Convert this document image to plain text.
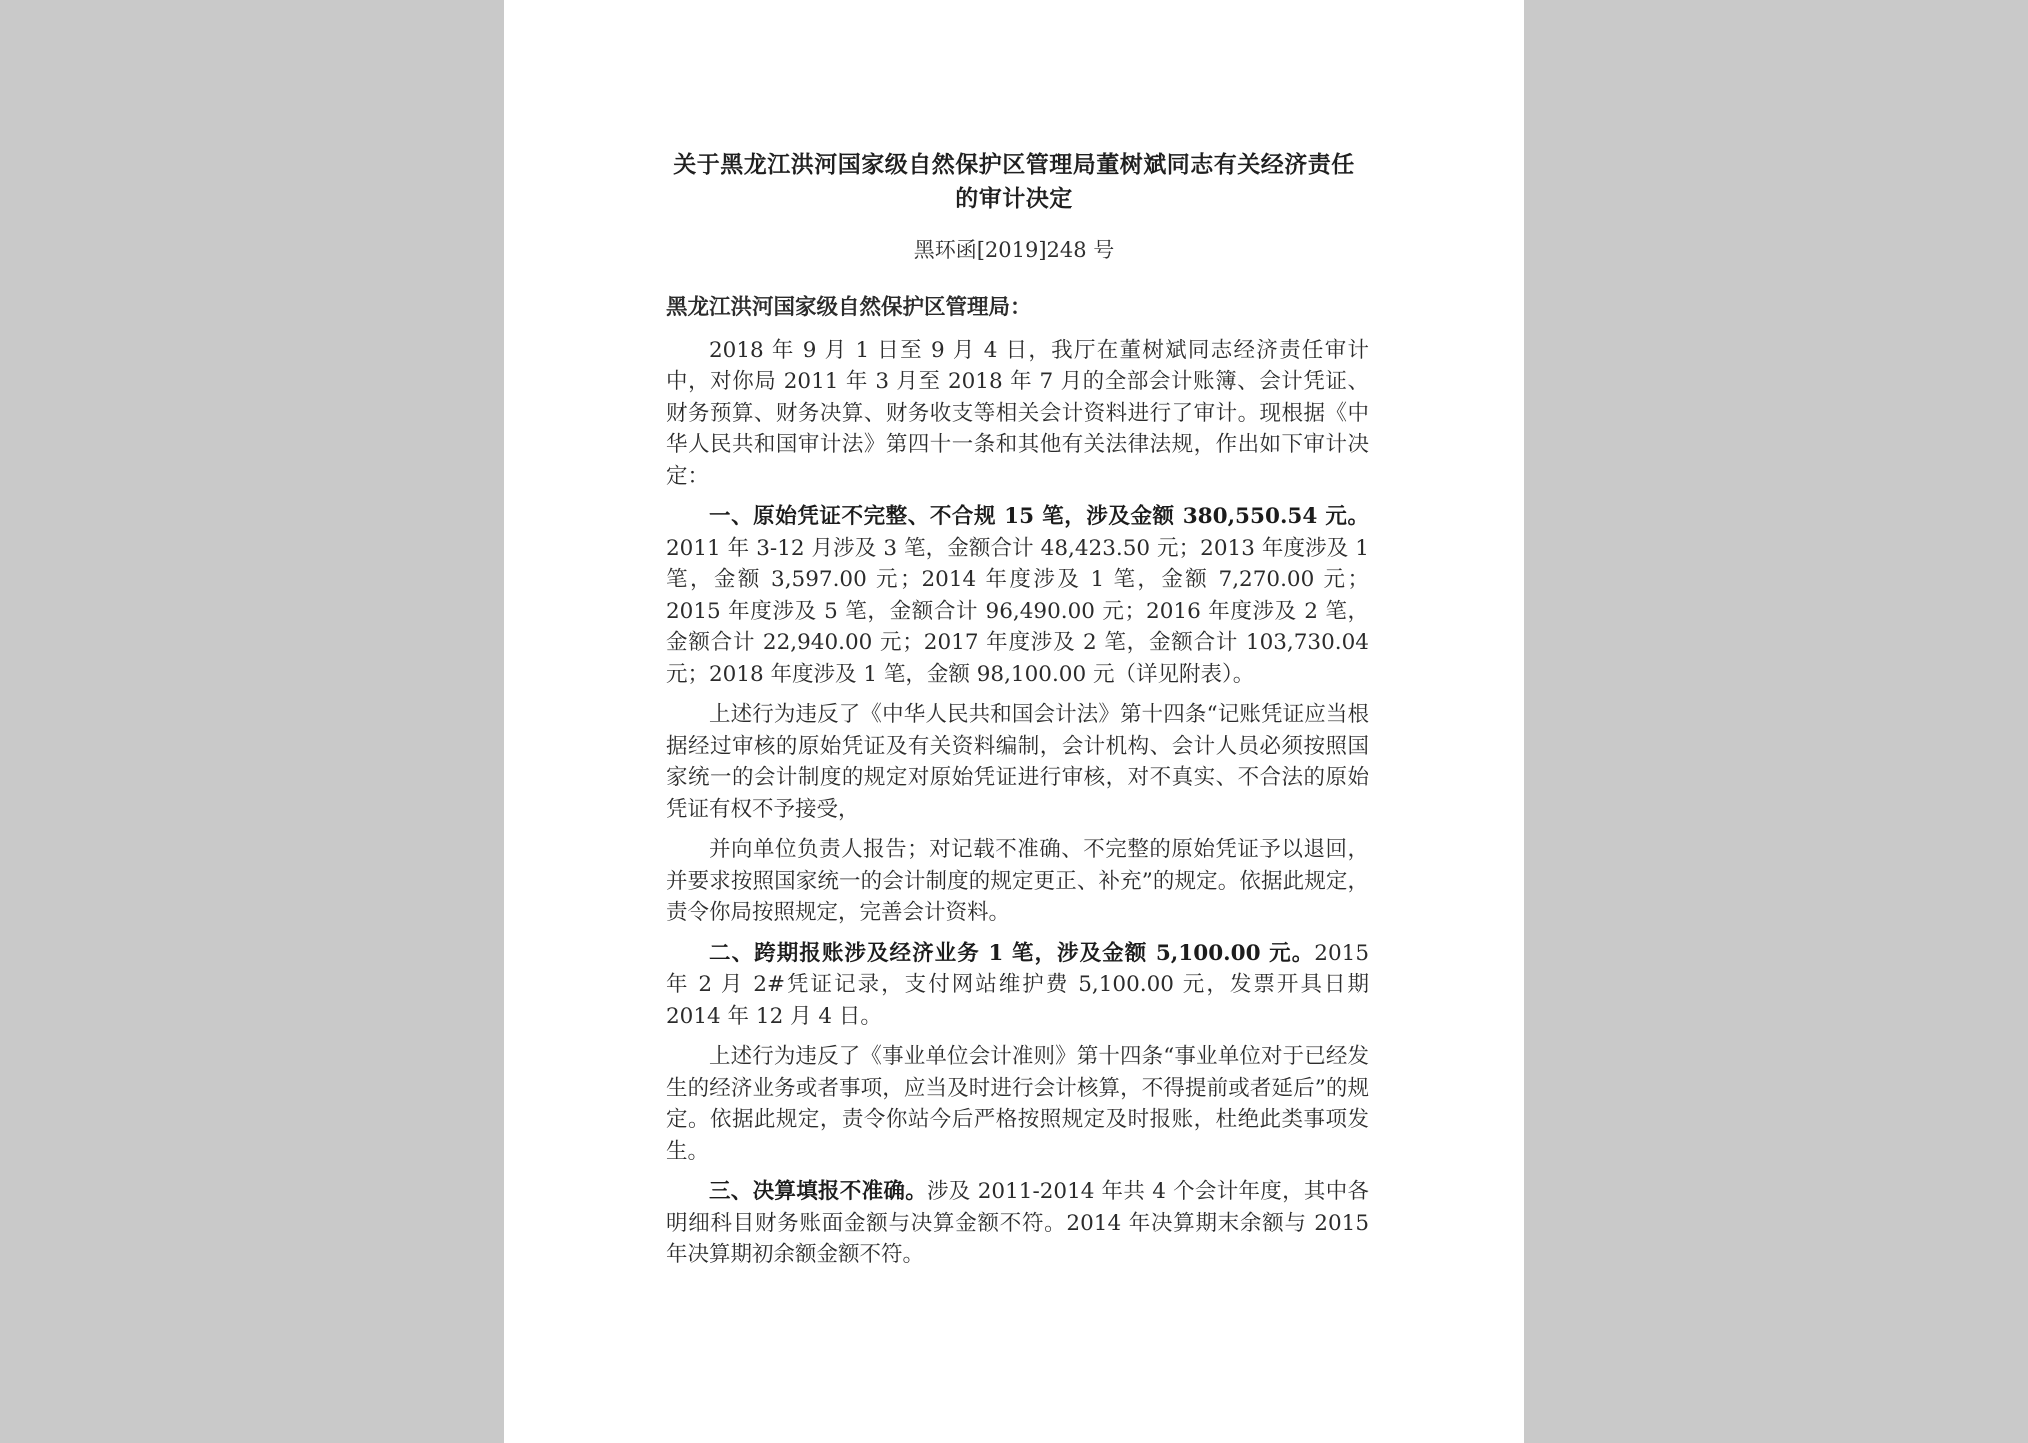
关于黑龙江洪河国家级自然保护区管理局董树斌同志有关经济责任
的审计决定
黑环函[2019]248 号

黑龙江洪河国家级自然保护区管理局：

2018 年 9 月 1 日至 9 月 4 日，我厅在董树斌同志经济责任审计中，对你局 2011 年 3 月至 2018 年 7 月的全部会计账簿、会计凭证、财务预算、财务决算、财务收支等相关会计资料进行了审计。现根据《中华人民共和国审计法》第四十一条和其他有关法律法规，作出如下审计决定：

一、原始凭证不完整、不合规 15 笔，涉及金额 380,550.54 元。2011 年 3-12 月涉及 3 笔，金额合计 48,423.50 元；2013 年度涉及 1 笔，金额 3,597.00 元；2014 年度涉及 1 笔，金额 7,270.00 元；2015 年度涉及 5 笔，金额合计 96,490.00 元；2016 年度涉及 2 笔，金额合计 22,940.00 元；2017 年度涉及 2 笔，金额合计 103,730.04 元；2018 年度涉及 1 笔，金额 98,100.00 元（详见附表）。

上述行为违反了《中华人民共和国会计法》第十四条“记账凭证应当根据经过审核的原始凭证及有关资料编制，会计机构、会计人员必须按照国家统一的会计制度的规定对原始凭证进行审核，对不真实、不合法的原始凭证有权不予接受，

并向单位负责人报告；对记载不准确、不完整的原始凭证予以退回，并要求按照国家统一的会计制度的规定更正、补充”的规定。依据此规定，责令你局按照规定，完善会计资料。

二、跨期报账涉及经济业务 1 笔，涉及金额 5,100.00 元。2015 年 2 月 2#凭证记录，支付网站维护费 5,100.00 元，发票开具日期 2014 年 12 月 4 日。

上述行为违反了《事业单位会计准则》第十四条“事业单位对于已经发生的经济业务或者事项，应当及时进行会计核算，不得提前或者延后”的规定。依据此规定，责令你站今后严格按照规定及时报账，杜绝此类事项发生。

三、决算填报不准确。涉及 2011-2014 年共 4 个会计年度，其中各明细科目财务账面金额与决算金额不符。2014 年决算期末余额与 2015 年决算期初余额金额不符。
